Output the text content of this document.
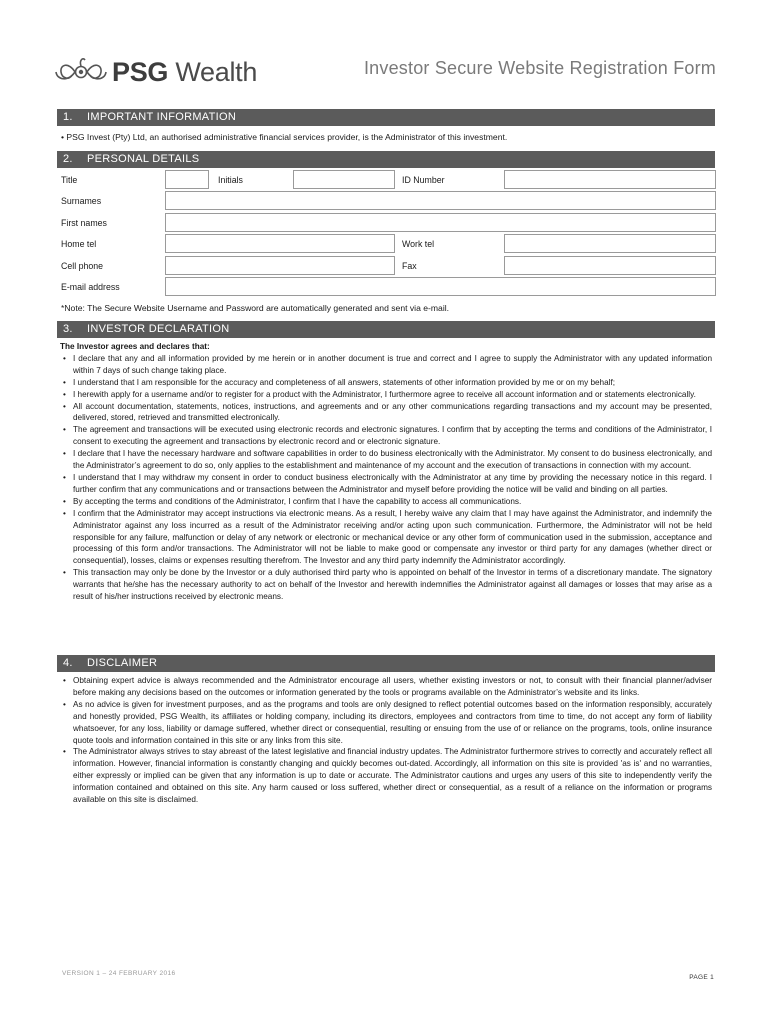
PSG Wealth	Investor Secure Website Registration Form
1. IMPORTANT INFORMATION
• PSG Invest (Pty) Ltd, an authorised administrative financial services provider, is the Administrator of this investment.
2. PERSONAL DETAILS
Title	Initials	ID Number
Surnames
First names
Home tel	Work tel
Cell phone	Fax
E-mail address
*Note: The Secure Website Username and Password are automatically generated and sent via e-mail.
3. INVESTOR DECLARATION
The Investor agrees and declares that:
• I declare that any and all information provided by me herein or in another document is true and correct and I agree to supply the Administrator with any updated information within 7 days of such change taking place.
• I understand that I am responsible for the accuracy and completeness of all answers, statements of other information provided by me or on my behalf;
• I herewith apply for a username and/or to register for a product with the Administrator, I furthermore agree to receive all account information and or statements electronically.
• All account documentation, statements, notices, instructions, and agreements and or any other communications regarding transactions and my account may be presented, delivered, stored, retrieved and transmitted electronically.
• The agreement and transactions will be executed using electronic records and electronic signatures. I confirm that by accepting the terms and conditions of the Administrator, I consent to executing the agreement and transactions by electronic record and or electronic signature.
• I declare that I have the necessary hardware and software capabilities in order to do business electronically with the Administrator. My consent to do business electronically, and the Administrator’s agreement to do so, only applies to the establishment and maintenance of my account and the execution of transactions in connection with my account.
• I understand that I may withdraw my consent in order to conduct business electronically with the Administrator at any time by providing the necessary notice in this regard. I further confirm that any communications and or transactions between the Administrator and myself before providing the notice will be valid and binding on all parties.
• By accepting the terms and conditions of the Administrator, I confirm that I have the capability to access all communications.
• I confirm that the Administrator may accept instructions via electronic means. As a result, I hereby waive any claim that I may have against the Administrator, and indemnify the Administrator against any loss incurred as a result of the Administrator receiving and/or acting upon such communication. Furthermore, the Administrator will not be held responsible for any failure, malfunction or delay of any network or electronic or mechanical device or any other form of communication used in the submission, acceptance and processing of this form and/or transactions. The Administrator will not be liable to make good or compensate any investor or third party for any damages (whether direct or consequential), losses, claims or expenses resulting therefrom. The Investor and any third party indemnify the Administrator accordingly.
• This transaction may only be done by the Investor or a duly authorised third party who is appointed on behalf of the Investor in terms of a discretionary mandate. The signatory warrants that he/she has the necessary authority to act on behalf of the Investor and herewith indemnifies the Administrator against all damages or losses that may arise as a result of his/her instructions received by electronic means.
4. DISCLAIMER
• Obtaining expert advice is always recommended and the Administrator encourage all users, whether existing investors or not, to consult with their financial planner/adviser before making any decisions based on the outcomes or information generated by the tools or programs available on the Administrator’s website and its links.
• As no advice is given for investment purposes, and as the programs and tools are only designed to reflect potential outcomes based on the information responsibly, accurately and honestly provided, PSG Wealth, its affiliates or holding company, including its directors, employees and contractors from time to time, do not accept any form of liability whatsoever, for any loss, liability or damage suffered, whether direct or consequential, resulting or ensuing from the use of or reliance on the programs, tools, online insurance quote tools and information contained in this site or any links from this site.
• The Administrator always strives to stay abreast of the latest legislative and financial industry updates. The Administrator furthermore strives to correctly and accurately reflect all information. However, financial information is constantly changing and quickly becomes out-dated. Accordingly, all information on this site is provided 'as is' and no warranties, either expressly or implied can be given that any information is up to date or accurate. The Administrator cautions and urges any users of this site to independently verify the information contained and obtained on this site. Any harm caused or loss suffered, whether direct or consequential, as a result of a reliance on the information or programs available on this site is disclaimed.
VERSION 1 – 24 FEBRUARY 2016
PAGE 1
